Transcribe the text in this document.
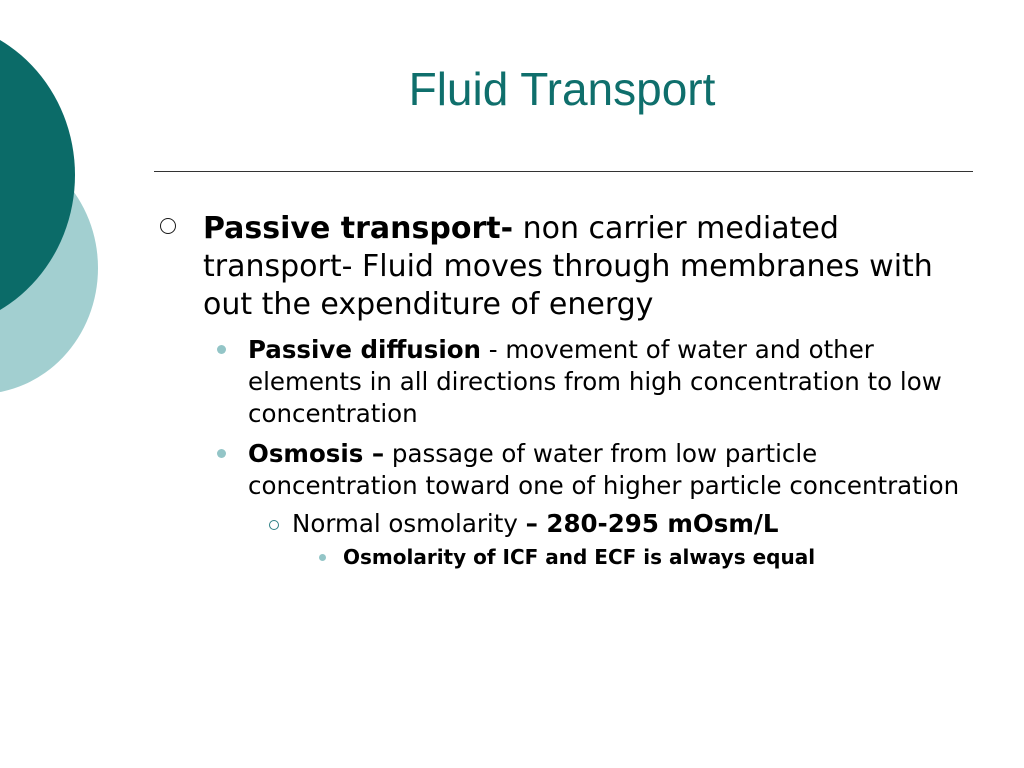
Fluid Transport
Passive transport- non carrier mediated transport- Fluid moves through membranes with out the expenditure of energy
Passive diffusion - movement of water and other elements in all directions from high concentration to low concentration
Osmosis – passage of water from low particle concentration toward one of higher particle concentration
Normal osmolarity – 280-295 mOsm/L
Osmolarity of ICF and ECF is always equal
